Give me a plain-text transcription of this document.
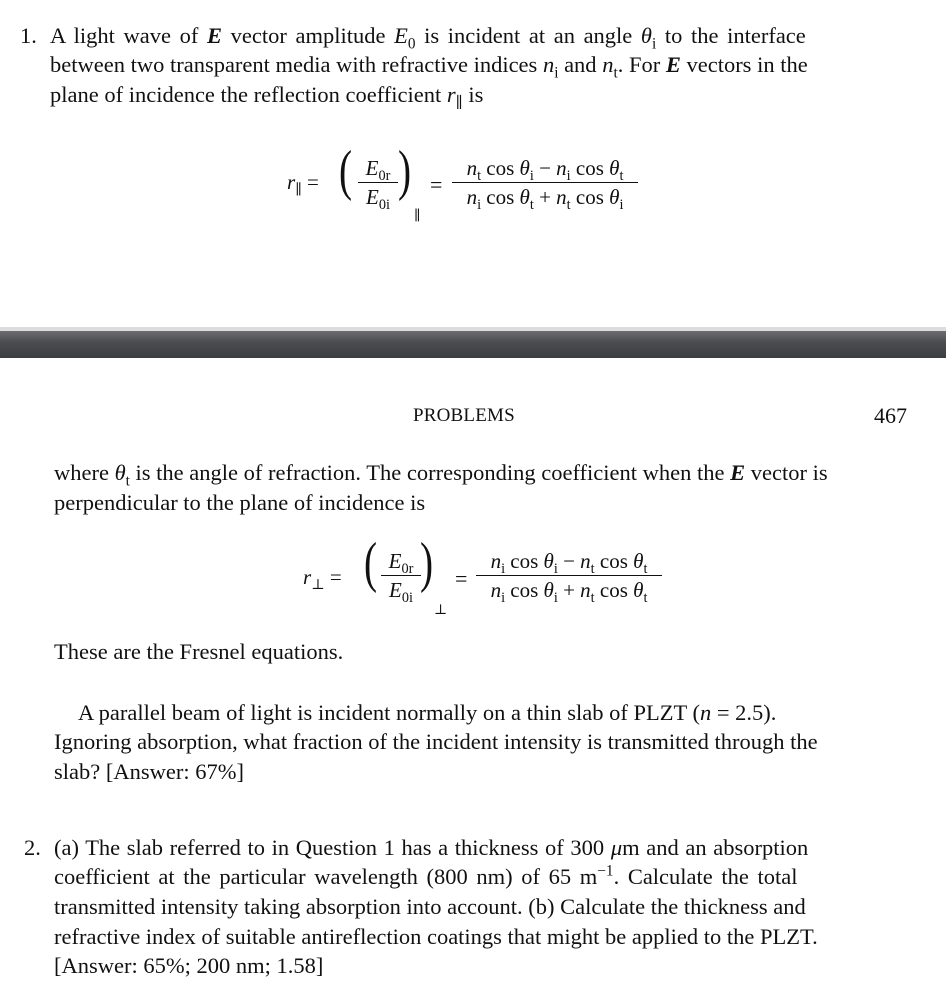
1. A light wave of E vector amplitude $E_0$ is incident at an angle $\theta_i$ to the interface
between two transparent media with refractive indices $n_i$ and $n_t$. For E vectors in the
plane of incidence the reflection coefficient $r_\parallel$ is
$r_\parallel$ = ( $E_{0r}$
$E_{0i}$
)
∥
=
$n_t$ $\cos \theta_i - n_i$ $\cos \theta_t$
$n_i$ $\cos \theta_t + n_t$ $\cos \theta_i$
PROBLEMS	467
where $\theta_t$ is the angle of refraction. The corresponding coefficient when the E vector is
perpendicular to the plane of incidence is
$r_\perp$ = ( $E_{0r}$
$E_{0i}$
)
⊥
=
$n_i$ $\cos \theta_i - n_t$ $\cos \theta_t$
$n_i$ $\cos \theta_i + n_t$ $\cos \theta_t$
These are the Fresnel equations.
A parallel beam of light is incident normally on a thin slab of PLZT (n = 2.5).
Ignoring absorption, what fraction of the incident intensity is transmitted through the
slab? [Answer: 67%]
2. (a) The slab referred to in Question 1 has a thickness of 300 μm and an absorption
coefficient at the particular wavelength (800 nm) of 65 $m^{-1}$. Calculate the total
transmitted intensity taking absorption into account. (b) Calculate the thickness and
refractive index of suitable antireflection coatings that might be applied to the PLZT.
[Answer: 65%; 200 nm; 1.58]
